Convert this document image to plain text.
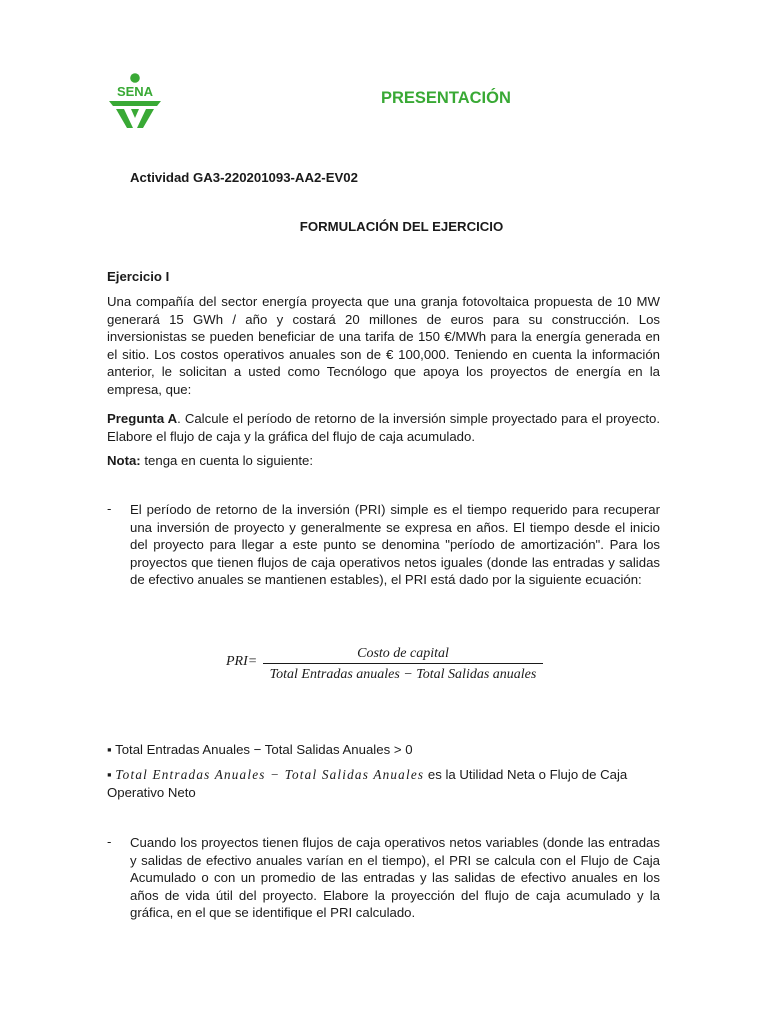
SENA	PRESENTACIÓN
Actividad GA3-220201093-AA2-EV02
FORMULACIÓN DEL EJERCICIO
Ejercicio I

Una compañía del sector energía proyecta que una granja fotovoltaica propuesta de 10 MW generará 15 GWh / año y costará 20 millones de euros para su construcción. Los inversionistas se pueden beneficiar de una tarifa de 150 €/MWh para la energía generada en el sitio. Los costos operativos anuales son de € 100,000. Teniendo en cuenta la información anterior, le solicitan a usted como Tecnólogo que apoya los proyectos de energía en la empresa, que:

Pregunta A. Calcule el período de retorno de la inversión simple proyectado para el proyecto. Elabore el flujo de caja y la gráfica del flujo de caja acumulado.

Nota: tenga en cuenta lo siguiente:

- El período de retorno de la inversión (PRI) simple es el tiempo requerido para recuperar una inversión de proyecto y generalmente se expresa en años. El tiempo desde el inicio del proyecto para llegar a este punto se denomina "período de amortización". Para los proyectos que tienen flujos de caja operativos netos iguales (donde las entradas y salidas de efectivo anuales se mantienen estables), el PRI está dado por la siguiente ecuación:

PRI=
Costo de capital
Total Entradas anuales − Total Salidas anuales
▪ Total Entradas Anuales − Total Salidas Anuales > 0
▪ Total Entradas Anuales − Total Salidas Anuales es la Utilidad Neta o Flujo de Caja Operativo Neto
- Cuando los proyectos tienen flujos de caja operativos netos variables (donde las entradas y salidas de efectivo anuales varían en el tiempo), el PRI se calcula con el Flujo de Caja Acumulado o con un promedio de las entradas y las salidas de efectivo anuales en los años de vida útil del proyecto. Elabore la proyección del flujo de caja acumulado y la gráfica, en el que se identifique el PRI calculado.
